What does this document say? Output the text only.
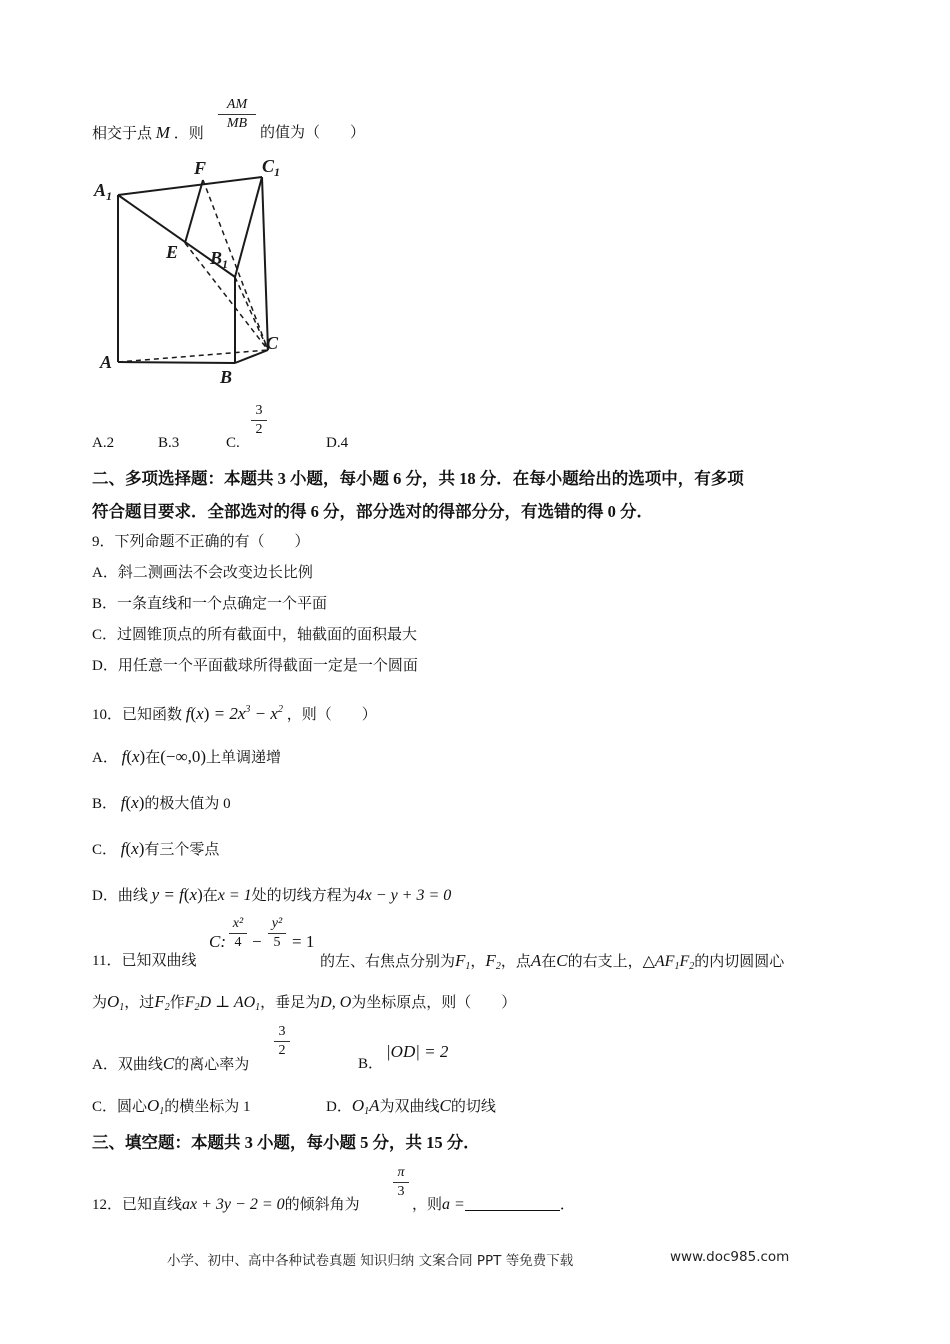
相交于点 M ．则
$\frac{AM}{MB}$ 的值为（　　）
$A_1$
F	$C_1$
E $B_1$
C
A
B
A.2	B.3	C.
$\frac{3}{2}$
D.4
二、多项选择题：本题共 3 小题，每小题 6 分，共 18 分．在每小题给出的选项中，有多项
符合题目要求．全部选对的得 6 分，部分选对的得部分分，有选错的得 0 分．
9．下列命题不正确的有（　　）
A．斜二测画法不会改变边长比例
B．一条直线和一个点确定一个平面
C．过圆锥顶点的所有截面中，轴截面的面积最大
D．用任意一个平面截球所得截面一定是一个圆面
10．已知函数 $f(x) = 2x^3 - x^2$ ，则（　　）
A． f(x)在(−∞,0)上单调递增
B． f(x)的极大值为 0
C． f(x)有三个零点
D．曲线 y = f(x)在x = 1处的切线方程为4x − y + 3 = 0
11．已知双曲线
C: $\frac{\text{x²}}{4} - \frac{\text{y²}}{5} = 1$
的左、右焦点分别为$F_1$，$F_2$，点A在C的右支上，$\triangle AF_1F_2$的内切圆圆心
为$O_1$，过$F_2$作$F_2D$ ⊥ $AO_1$，垂足为D, O为坐标原点，则（　　）
A．双曲线C的离心率为
$\frac{3}{2}$
B．
|OD| = 2
C．圆心$O_1$的横坐标为 1	D．$O_1A$为双曲线C的切线
三、填空题：本题共 3 小题，每小题 5 分，共 15 分．
12．已知直线ax + 3y − 2 = 0的倾斜角为
$\frac{\pi}{3}$
，则a =	．
小学、初中、高中各种试卷真题 知识归纳 文案合同 PPT 等免费下载	www.doc985.com
